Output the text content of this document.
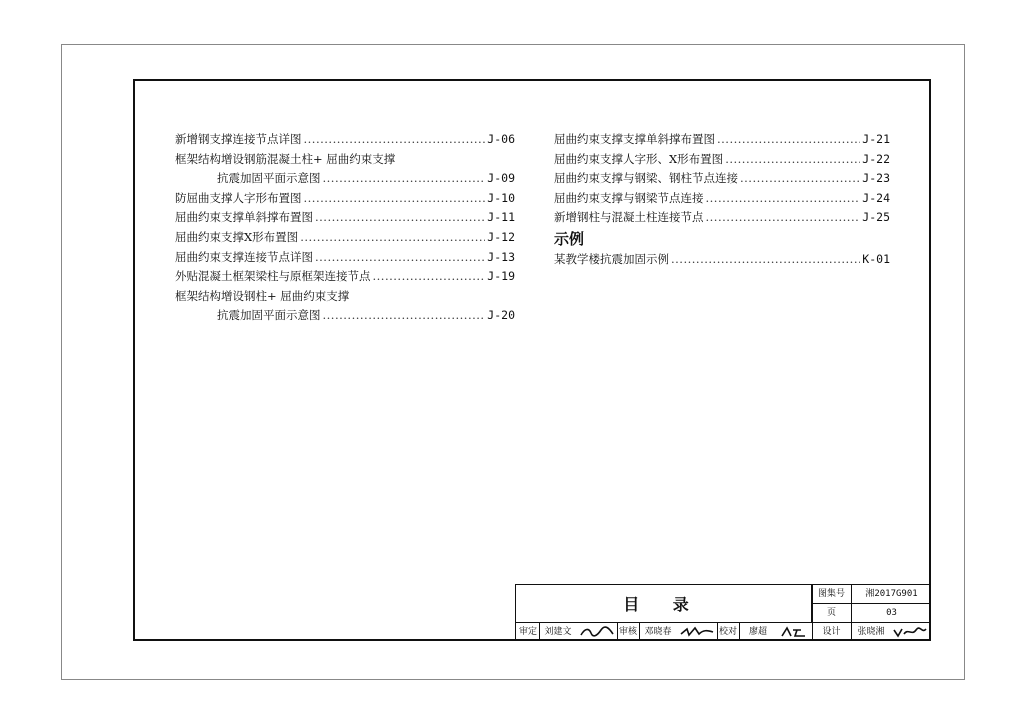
新增钢支撑连接节点详图 .....	J-06
框架结构增设钢筋混凝土柱+ 屈曲约束支撑
抗震加固平面示意图 .....	J-09
防屈曲支撑人字形布置图 .....	J-10
屈曲约束支撑单斜撑布置图 .....	J-11
屈曲约束支撑X形布置图 .....	J-12
屈曲约束支撑连接节点详图 .....	J-13
外贴混凝土框架梁柱与原框架连接节点 .....	J-19
框架结构增设钢柱+ 屈曲约束支撑
抗震加固平面示意图 .....	J-20
屈曲约束支撑支撑单斜撑布置图 .....	J-21
屈曲约束支撑人字形、X形布置图 .....	J-22
屈曲约束支撑与钢梁、钢柱节点连接 .....	J-23
屈曲约束支撑与钢梁节点连接 .....	J-24
新增钢柱与混凝土柱连接节点 .....	J-25
示例
某教学楼抗震加固示例 .....	K-01
目 录
图集号	湘2017G901
页	03
审定 刘建文	审核 邓晓春	校对	廖超	设计	张晓湘
